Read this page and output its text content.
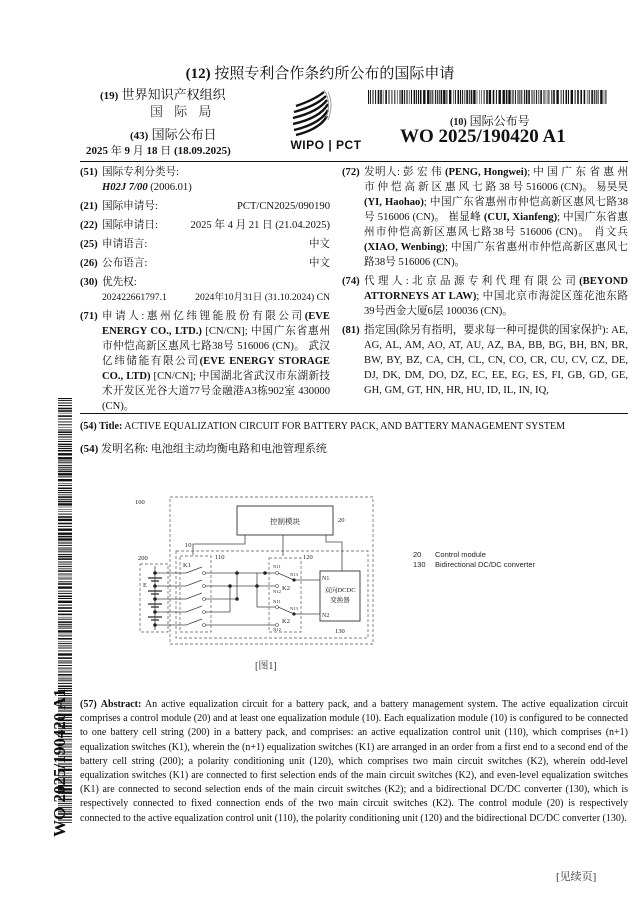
(12) 按照专利合作条约所公布的国际申请
(19) 世界知识产权组织
国 际 局
(43) 国际公布日
2025 年 9 月 18 日 (18.09.2025)	WIPO | PCT
(10) 国际公布号
WO 2025/190420 A1
(51) 国际专利分类号:
H02J 7/00 (2006.01)
(21) 国际申请号:	PCT/CN2025/090190
(22) 国际申请日:	2025 年 4 月 21 日 (21.04.2025)
(25) 申请语言:	中文
(26) 公布语言:	中文
(30) 优先权:

202422661797.1	2024年10月31日 (31.10.2024) CN
(71) 申请人:惠州亿纬锂能股份有限公司(EVE ENERGY CO., LTD.) [CN/CN]; 中国广东省惠州市仲恺高新区惠风七路38号 516006 (CN)。 武汉亿纬储能有限公司(EVE ENERGY STORAGE CO., LTD) [CN/CN]; 中国湖北省武汉市东湖新技术开发区光谷大道77号金融港A3栋902室 430000 (CN)。
(72) 发明人: 彭 宏 伟 (PENG, Hongwei); 中 国 广 东 省 惠 州 市 仲 恺 高 新 区 惠 风 七 路 38 号 516006 (CN)。 易昊昊(YI, Haohao); 中国广东省惠州市仲恺高新区惠风七路38号 516006 (CN)。 崔显峰 (CUI, Xianfeng); 中国广东省惠州市仲恺高新区惠风七路38号 516006 (CN)。 肖文兵 (XIAO, Wenbing); 中国广东省惠州市仲恺高新区惠风七路38号 516006 (CN)。
(74) 代理人:北京品源专利代理有限公司(BEYOND ATTORNEYS AT LAW); 中国北京市海淀区莲花池东路39号西金大厦6层 100036 (CN)。
(81) 指定国(除另有指明，要求每一种可提供的国家保护): AE, AG, AL, AM, AO, AT, AU, AZ, BA, BB, BG, BH, BN, BR, BW, BY, BZ, CA, CH, CL, CN, CO, CR, CU, CV, CZ, DE, DJ, DK, DM, DO, DZ, EC, EE, EG, ES, FI, GB, GD, GE, GH, GM, GT, HN, HR, HU, ID, IL, IN, IQ,
(54) Title: ACTIVE EQUALIZATION CIRCUIT FOR BATTERY PACK, AND BATTERY MANAGEMENT SYSTEM
(54) 发明名称: 电池组主动均衡电路和电池管理系统
控制模块
双向DCDC
变换器
100
20
10
110	120
130
200
K1
E	K2
K2
N1
N2
N11
N12
N13
N11
N12
N13
20 Control module
130 Bidirectional DC/DC converter
[图1]
(57) Abstract: An active equalization circuit for a battery pack, and a battery management system. The active equalization circuit comprises a control module (20) and at least one equalization module (10). Each equalization module (10) is configured to be connected to one battery cell string (200) in a battery pack, and comprises: an active equalization control unit (110), which comprises (n+1) equalization switches (K1), wherein the (n+1) equalization switches (K1) are arranged in an order from a first end to a second end of the battery cell string (200); a polarity conditioning unit (120), which comprises two main circuit switches (K2), wherein odd-level equalization switches (K1) are connected to first selection ends of the main circuit switches (K2), and even-level equalization switches (K1) are connected to second selection ends of the main circuit switches (K2); and a bidirectional DC/DC converter (130), which is respectively connected to fixed connection ends of the two main circuit switches (K2). The control module (20) is respectively connected to the active equalization control unit (110), the polarity conditioning unit (120) and the bidirectional DC/DC converter (130).
WO 2025/190420 A1
[见续页]
